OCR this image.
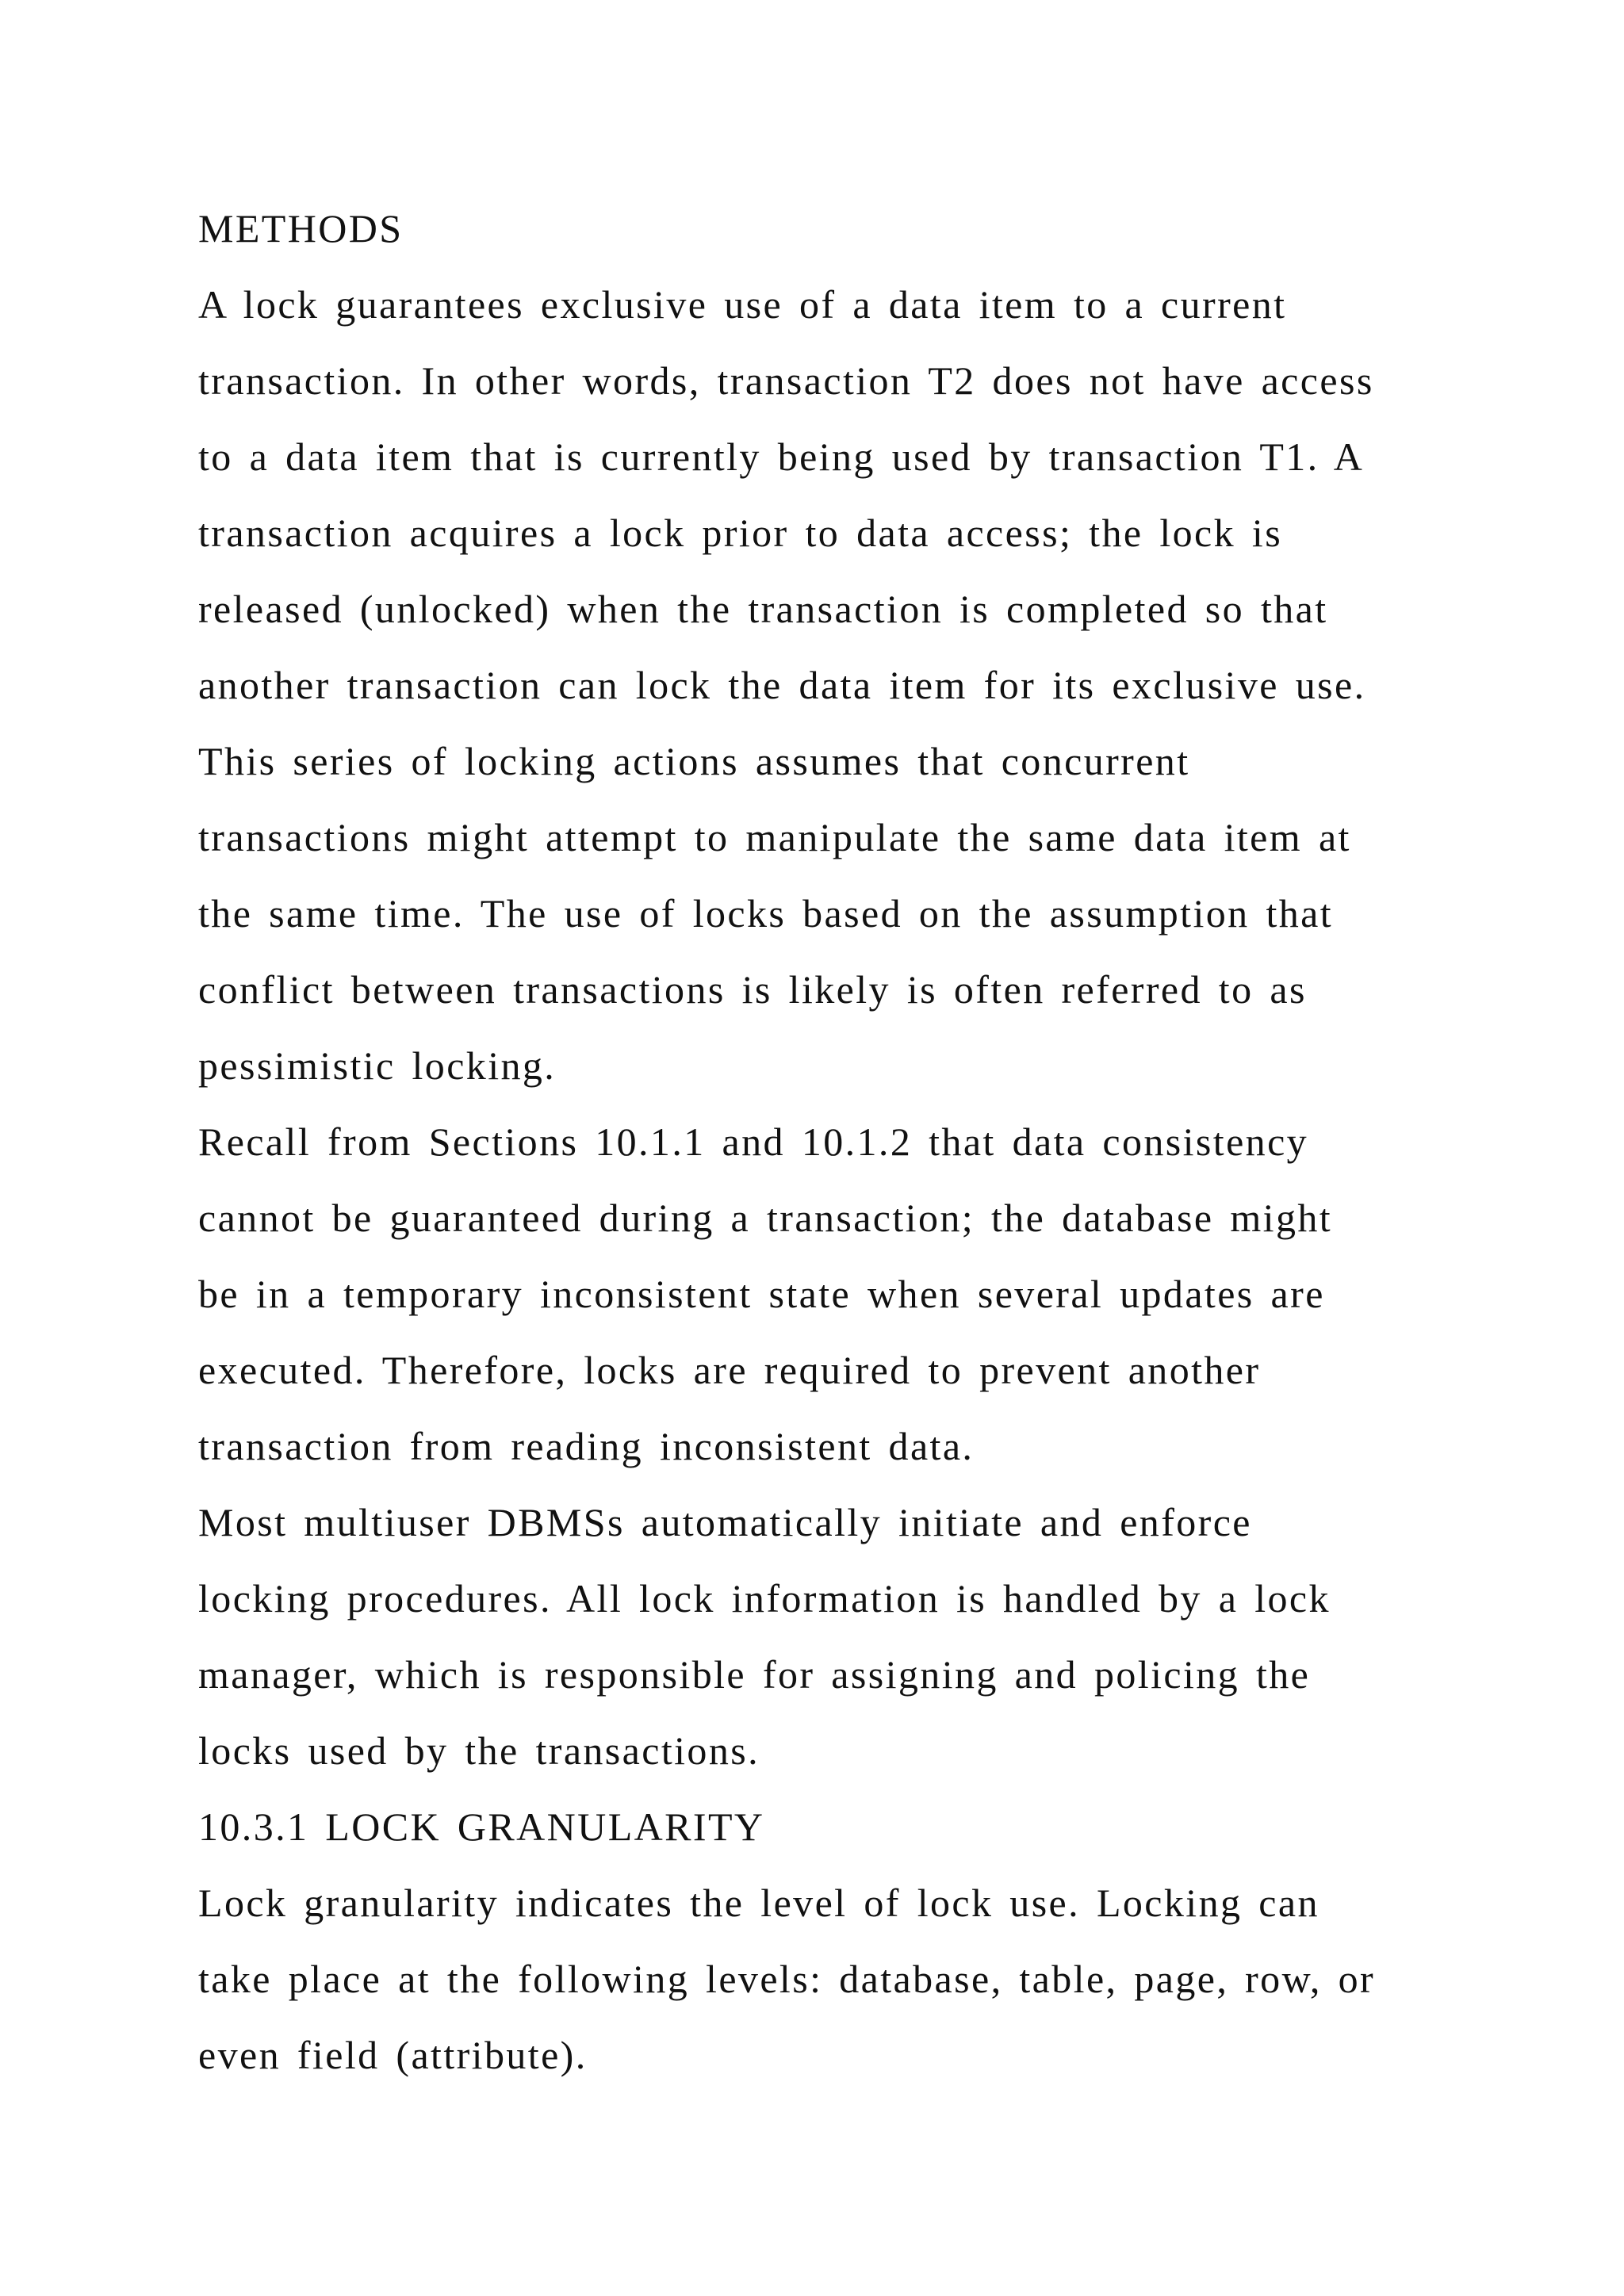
METHODS
A lock guarantees exclusive use of a data item to a current
transaction. In other words, transaction T2 does not have access
to a data item that is currently being used by transaction T1. A
transaction acquires a lock prior to data access; the lock is
released (unlocked) when the transaction is completed so that
another transaction can lock the data item for its exclusive use.
This series of locking actions assumes that concurrent
transactions might attempt to manipulate the same data item at
the same time. The use of locks based on the assumption that
conflict between transactions is likely is often referred to as
pessimistic locking.
Recall from Sections 10.1.1 and 10.1.2 that data consistency
cannot be guaranteed during a transaction; the database might
be in a temporary inconsistent state when several updates are
executed. Therefore, locks are required to prevent another
transaction from reading inconsistent data.
Most multiuser DBMSs automatically initiate and enforce
locking procedures. All lock information is handled by a lock
manager, which is responsible for assigning and policing the
locks used by the transactions.
10.3.1 LOCK GRANULARITY
Lock granularity indicates the level of lock use. Locking can
take place at the following levels: database, table, page, row, or
even field (attribute).
